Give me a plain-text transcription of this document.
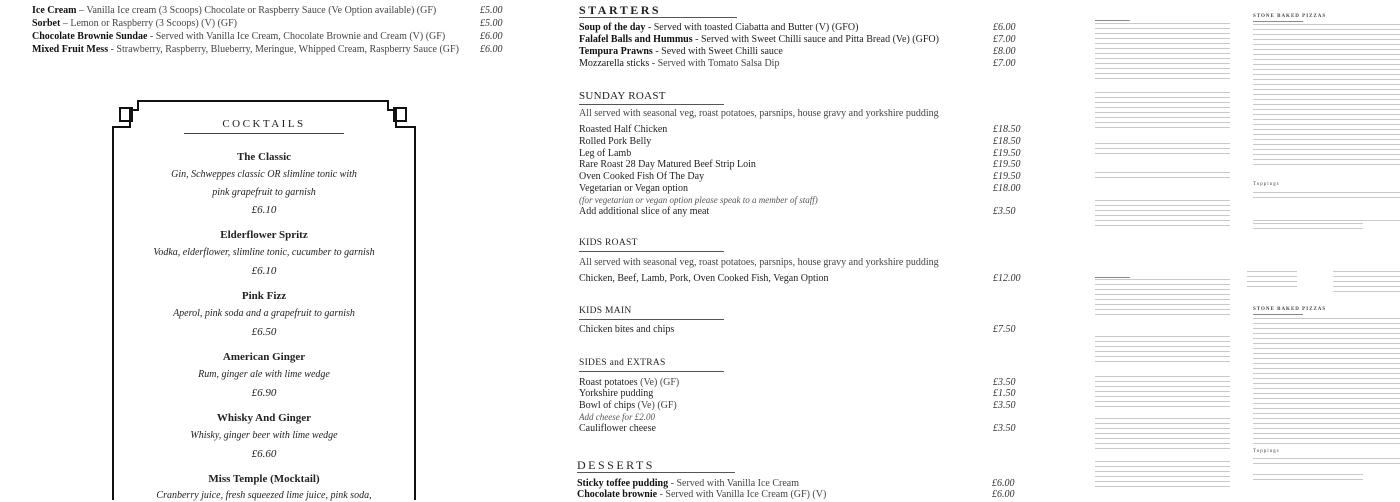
Ice Cream – Vanilla Ice cream (3 Scoops) Chocolate or Raspberry Sauce (Ve Option available) (GF)	£5.00
Sorbet – Lemon or Raspberry (3 Scoops) (V) (GF)	£5.00
Chocolate Brownie Sundae - Served with Vanilla Ice Cream, Chocolate Brownie and Cream (V) (GF)	£6.00
Mixed Fruit Mess - Strawberry, Raspberry, Blueberry, Meringue, Whipped Cream, Raspberry Sauce (GF) £6.00
COCKTAILS
The Classic
Gin, Schweppes classic OR slimline tonic with
pink grapefruit to garnish
£6.10
Elderflower Spritz
Vodka, elderflower, slimline tonic, cucumber to garnish
£6.10
Pink Fizz
Aperol, pink soda and a grapefruit to garnish
£6.50
American Ginger
Rum, ginger ale with lime wedge
£6.90
Whisky And Ginger
Whisky, ginger beer with lime wedge
£6.60
Miss Temple (Mocktail)
Cranberry juice, fresh squeezed lime juice, pink soda,
STARTERS
Soup of the day - Served with toasted Ciabatta and Butter (V) (GFO)	£6.00
Falafel Balls and Hummus - Served with Sweet Chilli sauce and Pitta Bread (Ve) (GFO)	£7.00
Tempura Prawns - Seved with Sweet Chilli sauce	£8.00
Mozzarella sticks - Served with Tomato Salsa Dip	£7.00
SUNDAY ROAST
All served with seasonal veg, roast potatoes, parsnips, house gravy and yorkshire pudding
Roasted Half Chicken	£18.50
Rolled Pork Belly	£18.50
Leg of Lamb	£19.50
Rare Roast 28 Day Matured Beef Strip Loin	£19.50
Oven Cooked Fish Of The Day	£19.50
Vegetarian or Vegan option	£18.00
(for vegetarian or vegan option please speak to a member of staff)
Add additional slice of any meat	£3.50
KIDS ROAST
All served with seasonal veg, roast potatoes, parsnips, house gravy and yorkshire pudding
Chicken, Beef, Lamb, Pork, Oven Cooked Fish, Vegan Option	£12.00
KIDS MAIN
Chicken bites and chips	£7.50
SIDES and EXTRAS
Roast potatoes (Ve) (GF)	£3.50
Yorkshire pudding	£1.50
Bowl of chips (Ve) (GF)	£3.50
Add cheese for £2.00
Cauliflower cheese	£3.50
DESSERTS
Sticky toffee pudding - Served with Vanilla Ice Cream	£6.00
Chocolate brownie - Served with Vanilla Ice Cream (GF) (V)	£6.00
STONE BAKED PIZZAS
Toppings
STONE BAKED PIZZAS
Toppings
